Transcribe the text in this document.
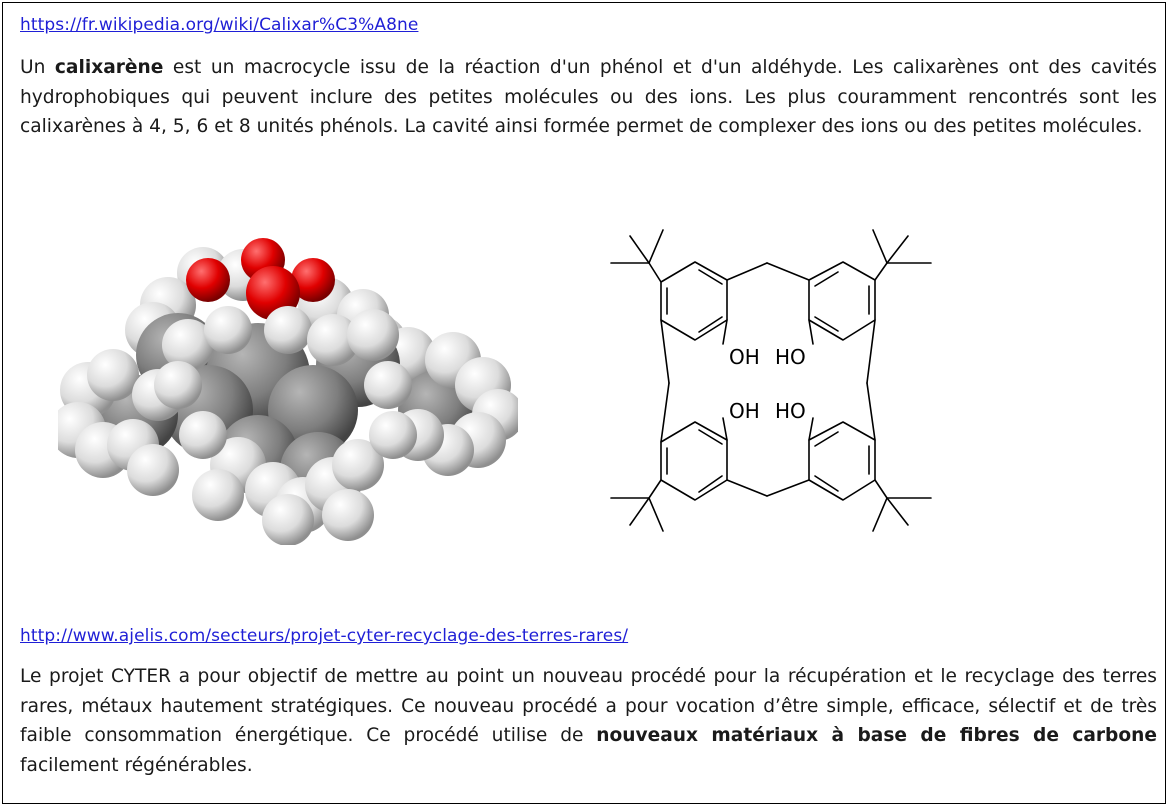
https://fr.wikipedia.org/wiki/Calixar%C3%A8ne
Un calixarène est un macrocycle issu de la réaction d'un phénol et d'un aldéhyde. Les calixarènes ont des cavités hydrophobiques qui peuvent inclure des petites molécules ou des ions. Les plus couramment rencontrés sont les calixarènes à 4, 5, 6 et 8 unités phénols. La cavité ainsi formée permet de complexer des ions ou des petites molécules.
OH HO
OH HO
http://www.ajelis.com/secteurs/projet-cyter-recyclage-des-terres-rares/
Le projet CYTER a pour objectif de mettre au point un nouveau procédé pour la récupération et le recyclage des terres rares, métaux hautement stratégiques. Ce nouveau procédé a pour vocation d’être simple, efficace, sélectif et de très faible consommation énergétique. Ce procédé utilise de nouveaux matériaux à base de fibres de carbone facilement régénérables.
